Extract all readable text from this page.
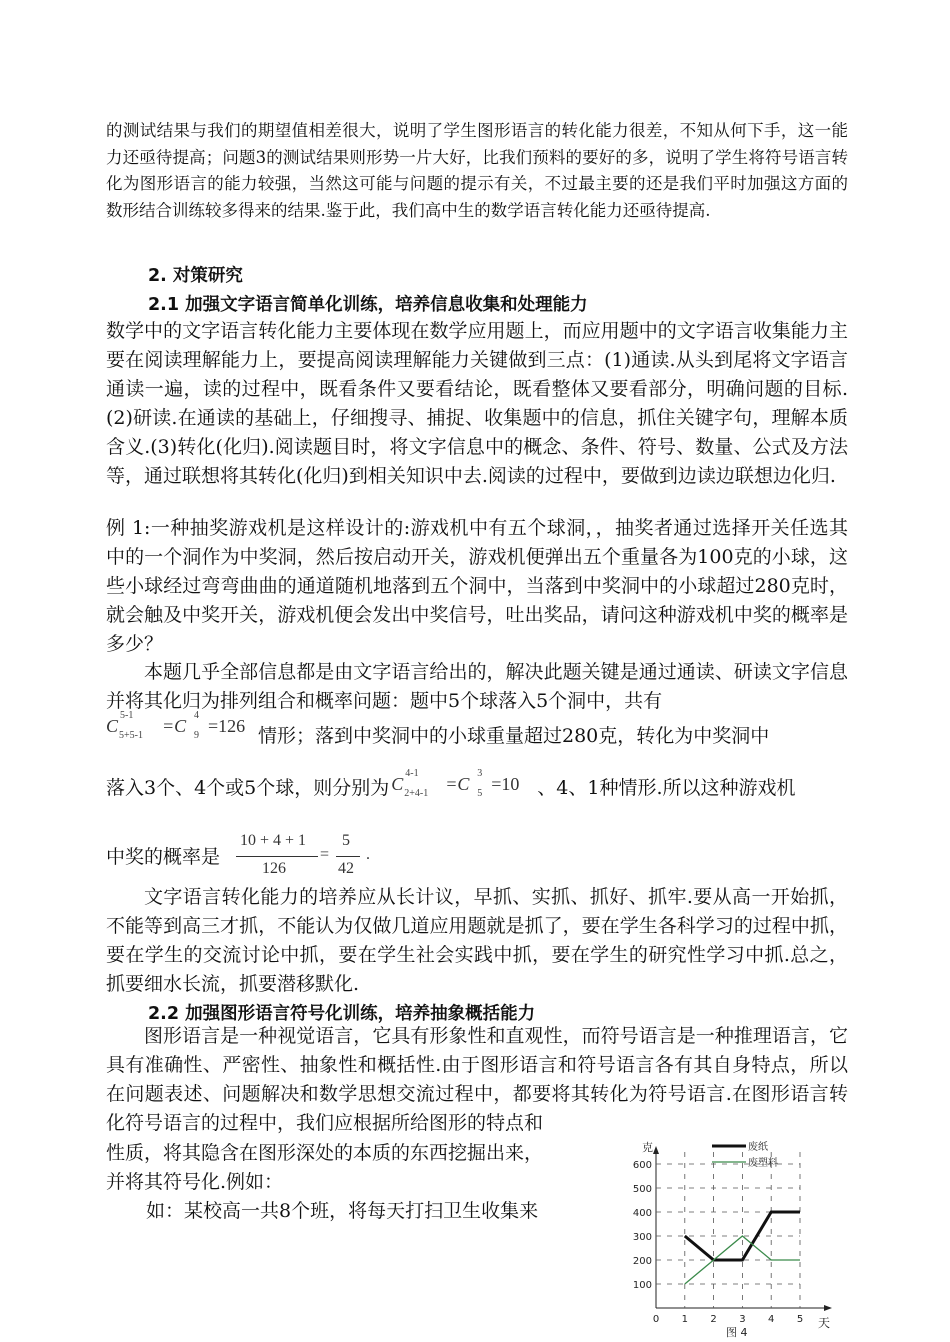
的测试结果与我们的期望值相差很大，说明了学生图形语言的转化能力很差，不知从何下手，这一能力还亟待提高；问题3的测试结果则形势一片大好，比我们预料的要好的多，说明了学生将符号语言转化为图形语言的能力较强，当然这可能与问题的提示有关，不过最主要的还是我们平时加强这方面的数形结合训练较多得来的结果.鉴于此，我们高中生的数学语言转化能力还亟待提高.

2. 对策研究

2.1 加强文字语言简单化训练，培养信息收集和处理能力

数学中的文字语言转化能力主要体现在数学应用题上，而应用题中的文字语言收集能力主要在阅读理解能力上，要提高阅读理解能力关键做到三点：(1)通读.从头到尾将文字语言通读一遍，读的过程中，既看条件又要看结论，既看整体又要看部分，明确问题的目标.(2)研读.在通读的基础上，仔细搜寻、捕捉、收集题中的信息，抓住关键字句，理解本质含义.(3)转化(化归).阅读题目时，将文字信息中的概念、条件、符号、数量、公式及方法等，通过联想将其转化(化归)到相关知识中去.阅读的过程中，要做到边读边联想边化归.

例 1:一种抽奖游戏机是这样设计的:游戏机中有五个球洞，，抽奖者通过选择开关任选其中的一个洞作为中奖洞，然后按启动开关，游戏机便弹出五个重量各为100克的小球，这些小球经过弯弯曲曲的通道随机地落到五个洞中，当落到中奖洞中的小球超过280克时，就会触及中奖开关，游戏机便会发出中奖信号，吐出奖品，请问这种游戏机中奖的概率是多少？

本题几乎全部信息都是由文字语言给出的，解决此题关键是通过通读、研读文字信息并将其化归为排列组合和概率问题：题中5个球落入5个洞中，共有

C
5-1
5+5-1 =C
4
9 =126 情形；落到中奖洞中的小球重量超过280克，转化为中奖洞中
落入3个、4个或5个球，则分别为 C
4-1
2+4-1 =C
3
5 =10 、4、1种情形.所以这种游戏机
中奖的概率是
10 + 4 + 1
126
=
5
42
.

文字语言转化能力的培养应从长计议，早抓、实抓、抓好、抓牢.要从高一开始抓，不能等到高三才抓，不能认为仅做几道应用题就是抓了，要在学生各科学习的过程中抓，要在学生的交流讨论中抓，要在学生社会实践中抓，要在学生的研究性学习中抓.总之，抓要细水长流，抓要潜移默化.

2.2 加强图形语言符号化训练，培养抽象概括能力

图形语言是一种视觉语言，它具有形象性和直观性，而符号语言是一种推理语言，它具有准确性、严密性、抽象性和概括性.由于图形语言和符号语言各有其自身特点，所以在问题表述、问题解决和数学思想交流过程中，都要将其转化为符号语言.在图形语言转化符号语言的过程中，我们应根据所给图形的特点和

性质，将其隐含在图形深处的本质的东西挖掘出来，
并将其符号化.例如：
如：某校高一共8个班，将每天打扫卫生收集来
克
天
图 4
100
200
300
400
500
600
0 1 2 3 4 5
废纸
废塑料
